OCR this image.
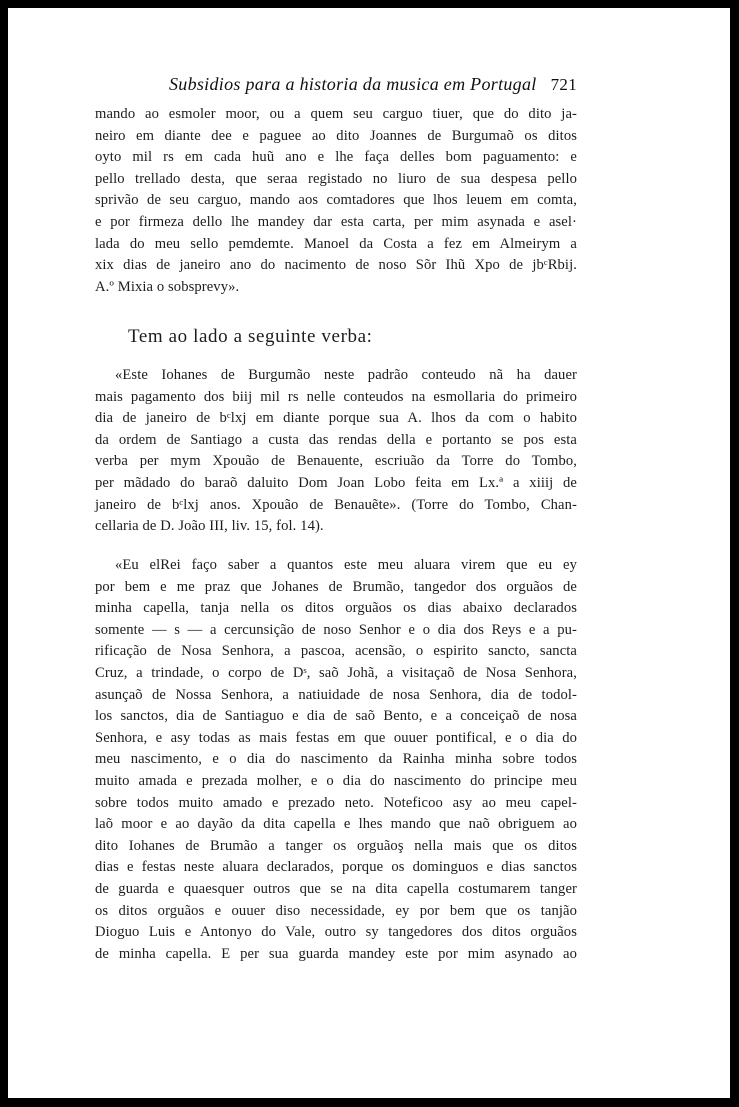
Subsidios para a historia da musica em Portugal 721
mando ao esmoler moor, ou a quem seu carguo tiuer, que do dito ja-
neiro em diante dee e paguee ao dito Joannes de Burgumaõ os ditos
oyto mil rs em cada huũ ano e lhe faça delles bom paguamento: e
pello trellado desta, que seraa registado no liuro de sua despesa pello
sprivão de seu carguo, mando aos comtadores que lhos leuem em comta,
e por firmeza dello lhe mandey dar esta carta, per mim asynada e asel·
lada do meu sello pemdemte. Manoel da Costa a fez em Almeirym a
xix dias de janeiro ano do nacimento de noso Sõr Ihũ Xpo de jbᶜRbij.
A.º Mixia o sobsprevy».
Tem ao lado a seguinte verba:
«Este Iohanes de Burgumão neste padrão conteudo nã ha dauer
mais pagamento dos biij mil rs nelle conteudos na esmollaria do primeiro
dia de janeiro de bᶜlxj em diante porque sua A. lhos da com o habito
da ordem de Santiago a custa das rendas della e portanto se pos esta
verba per mym Xpouão de Benauente, escriuão da Torre do Tombo,
per mãdado do baraõ daluito Dom Joan Lobo feita em Lx.ª a xiiij de
janeiro de bᶜlxj anos. Xpouão de Benauẽte». (Torre do Tombo, Chan-
cellaria de D. João III, liv. 15, fol. 14).
«Eu elRei faço saber a quantos este meu aluara virem que eu ey
por bem e me praz que Johanes de Brumão, tangedor dos orguãos de
minha capella, tanja nella os ditos orguãos os dias abaixo declarados
somente — s — a cercunsição de noso Senhor e o dia dos Reys e a pu-
rificação de Nosa Senhora, a pascoa, acensão, o espirito sancto, sancta
Cruz, a trindade, o corpo de Dˢ, saõ Johã, a visitaçaõ de Nosa Senhora,
asunçaõ de Nossa Senhora, a natiuidade de nosa Senhora, dia de todol-
los sanctos, dia de Santiaguo e dia de saõ Bento, e a conceiçaõ de nosa
Senhora, e asy todas as mais festas em que ouuer pontifical, e o dia do
meu nascimento, e o dia do nascimento da Rainha minha sobre todos
muito amada e prezada molher, e o dia do nascimento do principe meu
sobre todos muito amado e prezado neto. Noteficoo asy ao meu capel-
laõ moor e ao dayão da dita capella e lhes mando que naõ obriguem ao
dito Iohanes de Brumão a tanger os orguãoş nella mais que os ditos
dias e festas neste aluara declarados, porque os dominguos e dias sanctos
de guarda e quaesquer outros que se na dita capella costumarem tanger
os ditos orguãos e ouuer diso necessidade, ey por bem que os tanjão
Dioguo Luis e Antonyo do Vale, outro sy tangedores dos ditos orguãos
de minha capella. E per sua guarda mandey este por mim asynado ao
